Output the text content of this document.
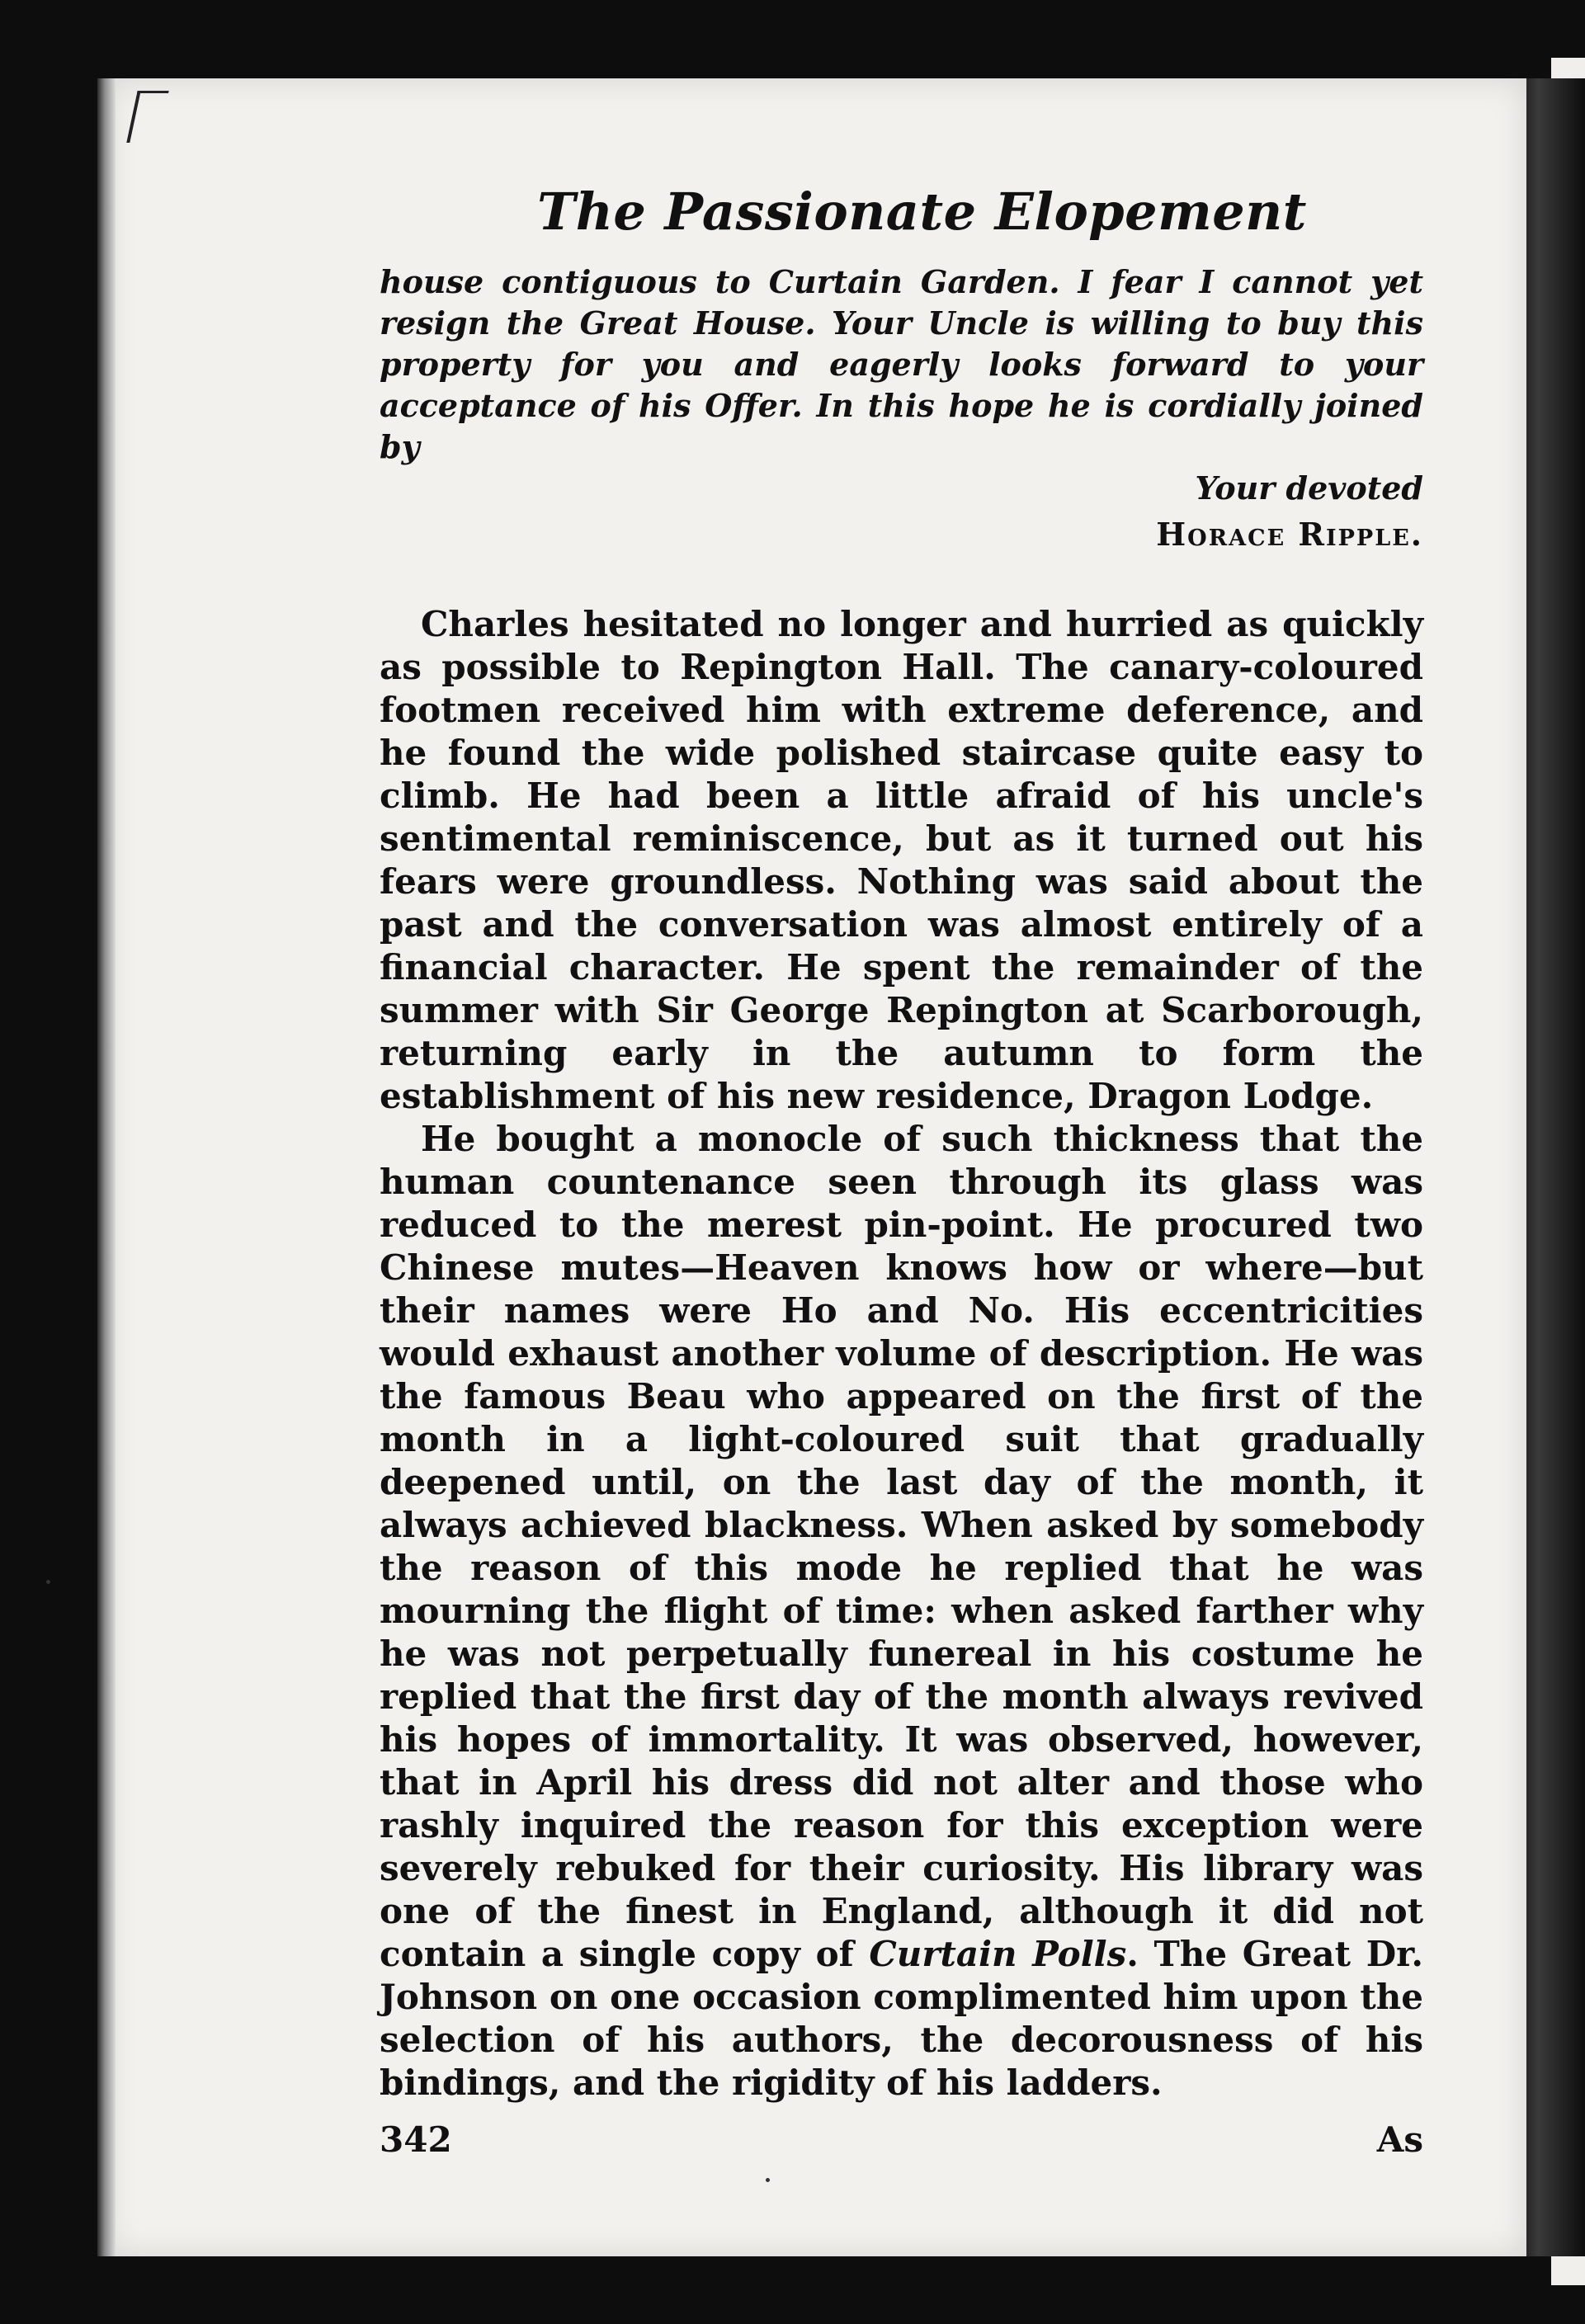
The Passionate Elopement

house contiguous to Curtain Garden. I fear I cannot yet resign the Great House. Your Uncle is willing to buy this property for you and eagerly looks forward to your acceptance of his Offer. In this hope he is cordially joined by

Your devoted

Horace Ripple.

Charles hesitated no longer and hurried as quickly as possible to Repington Hall. The canary-coloured footmen received him with extreme deference, and he found the wide polished staircase quite easy to climb. He had been a little afraid of his uncle's sentimental reminiscence, but as it turned out his fears were groundless. Nothing was said about the past and the conversation was almost entirely of a financial character. He spent the remainder of the summer with Sir George Repington at Scarborough, returning early in the autumn to form the establishment of his new residence, Dragon Lodge.

He bought a monocle of such thickness that the human countenance seen through its glass was reduced to the merest pin-point. He procured two Chinese mutes—Heaven knows how or where—but their names were Ho and No. His eccentricities would exhaust another volume of description. He was the famous Beau who appeared on the first of the month in a light-coloured suit that gradually deepened until, on the last day of the month, it always achieved blackness. When asked by somebody the reason of this mode he replied that he was mourning the flight of time: when asked farther why he was not perpetually funereal in his costume he replied that the first day of the month always revived his hopes of immortality. It was observed, however, that in April his dress did not alter and those who rashly inquired the reason for this exception were severely rebuked for their curiosity. His library was one of the finest in England, although it did not contain a single copy of Curtain Polls. The Great Dr. Johnson on one occasion complimented him upon the selection of his authors, the decorousness of his bindings, and the rigidity of his ladders.

342	As
